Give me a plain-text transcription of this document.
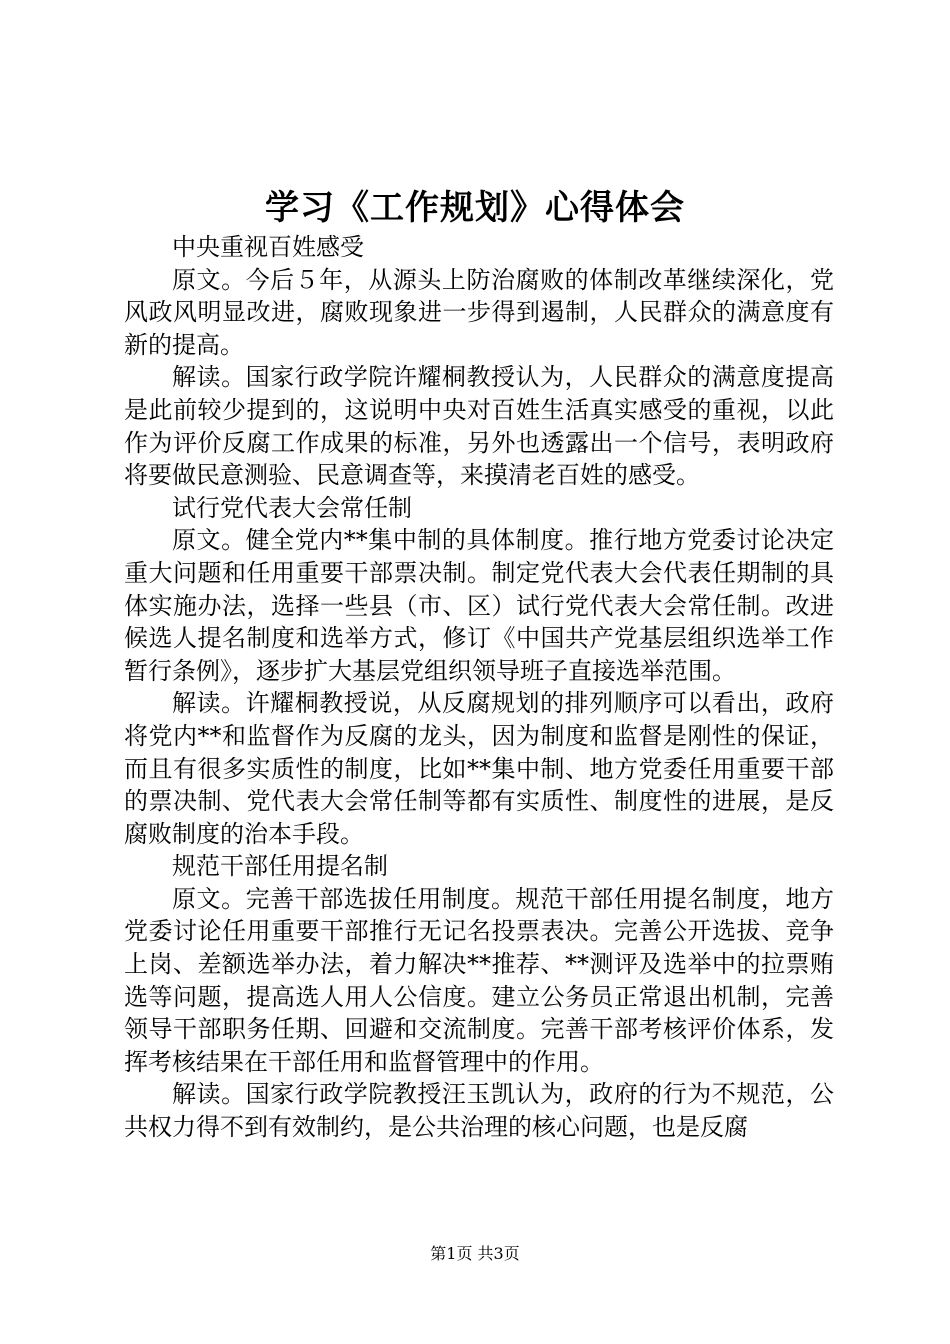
学习《工作规划》心得体会

中央重视百姓感受

原文。今后５年，从源头上防治腐败的体制改革继续深化，党风政风明显改进，腐败现象进一步得到遏制，人民群众的满意度有新的提高。

解读。国家行政学院许耀桐教授认为，人民群众的满意度提高是此前较少提到的，这说明中央对百姓生活真实感受的重视，以此作为评价反腐工作成果的标准，另外也透露出一个信号，表明政府将要做民意测验、民意调查等，来摸清老百姓的感受。

试行党代表大会常任制

原文。健全党内**集中制的具体制度。推行地方党委讨论决定重大问题和任用重要干部票决制。制定党代表大会代表任期制的具体实施办法，选择一些县（市、区）试行党代表大会常任制。改进候选人提名制度和选举方式，修订《中国共产党基层组织选举工作暂行条例》，逐步扩大基层党组织领导班子直接选举范围。

解读。许耀桐教授说，从反腐规划的排列顺序可以看出，政府将党内**和监督作为反腐的龙头，因为制度和监督是刚性的保证，而且有很多实质性的制度，比如**集中制、地方党委任用重要干部的票决制、党代表大会常任制等都有实质性、制度性的进展，是反腐败制度的治本手段。

规范干部任用提名制

原文。完善干部选拔任用制度。规范干部任用提名制度，地方党委讨论任用重要干部推行无记名投票表决。完善公开选拔、竞争上岗、差额选举办法，着力解决**推荐、**测评及选举中的拉票贿选等问题，提高选人用人公信度。建立公务员正常退出机制，完善领导干部职务任期、回避和交流制度。完善干部考核评价体系，发挥考核结果在干部任用和监督管理中的作用。

解读。国家行政学院教授汪玉凯认为，政府的行为不规范，公共权力得不到有效制约，是公共治理的核心问题，也是反腐

第1页 共3页
